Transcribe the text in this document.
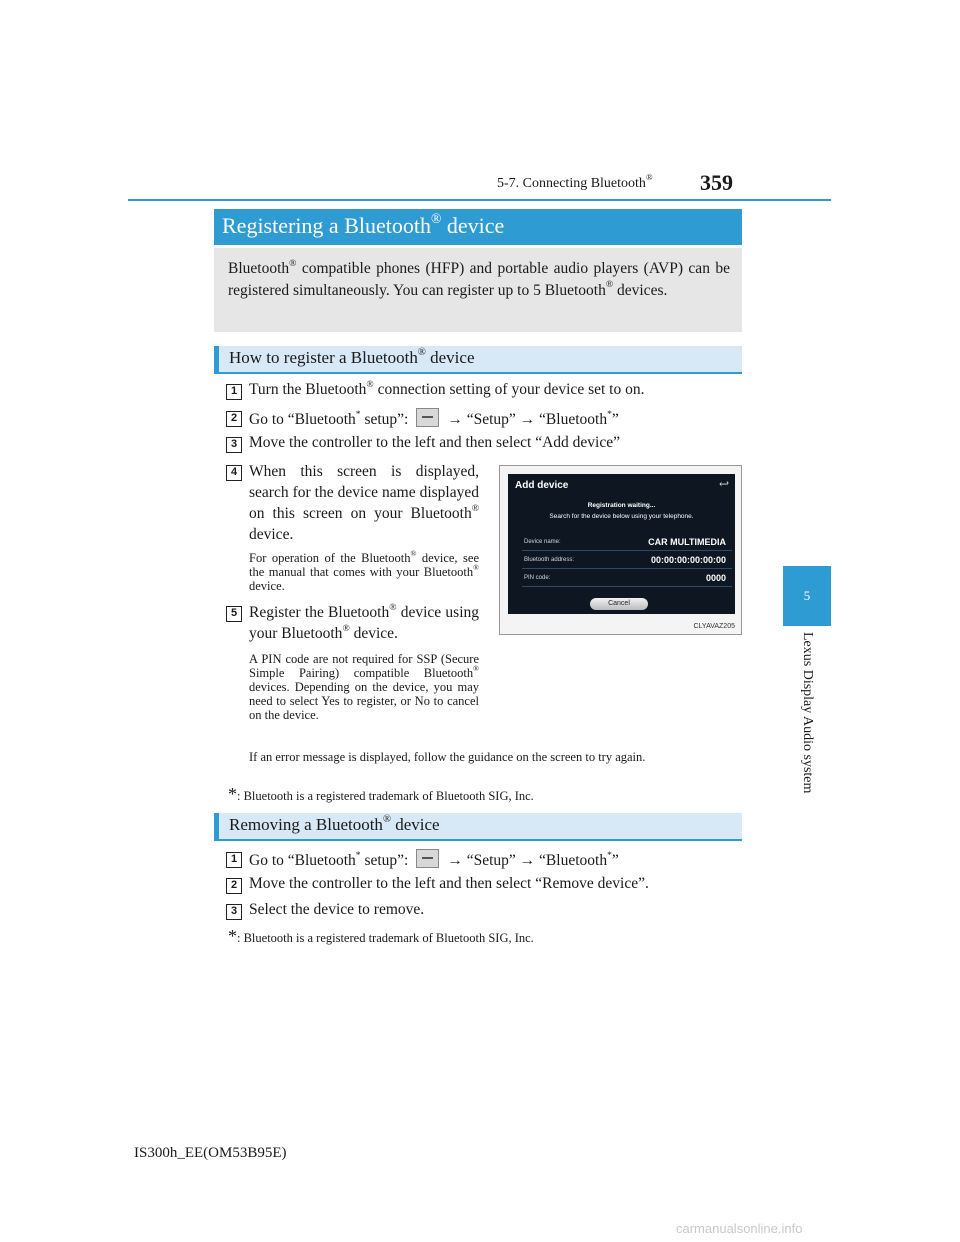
359
5-7. Connecting Bluetooth®
5
Lexus Display Audio system
Registering a Bluetooth® device
Bluetooth® compatible phones (HFP) and portable audio players (AVP) can be registered simultaneously. You can register up to 5 Bluetooth® devices.
How to register a Bluetooth® device
1 Turn the Bluetooth® connection setting of your device set to on.
2 Go to “Bluetooth* setup”:	→ “Setup” → “Bluetooth*”
3 Move the controller to the left and then select “Add device”
4 When this screen is displayed, search for the device name displayed on this screen on your Bluetooth® device.
For operation of the Bluetooth® device, see the manual that comes with your Bluetooth® device.
5 Register the Bluetooth® device using your Bluetooth® device.
A PIN code are not required for SSP (Secure Simple Pairing) compatible Bluetooth® devices. Depending on the device, you may need to select Yes to register, or No to cancel on the device.
If an error message is displayed, follow the guidance on the screen to try again.
*: Bluetooth is a registered trademark of Bluetooth SIG, Inc.
Add device	↩
Registration waiting...
Search for the device below using your telephone.
Device name:	CAR MULTIMEDIA
Bluetooth address:	00:00:00:00:00:00
PIN code:	0000
Cancel
CLYAVAZ205
Removing a Bluetooth® device
1 Go to “Bluetooth* setup”:	→ “Setup” → “Bluetooth*”
2 Move the controller to the left and then select “Remove device”.
3 Select the device to remove.
*: Bluetooth is a registered trademark of Bluetooth SIG, Inc.
IS300h_EE(OM53B95E)
carmanualsonline.info
